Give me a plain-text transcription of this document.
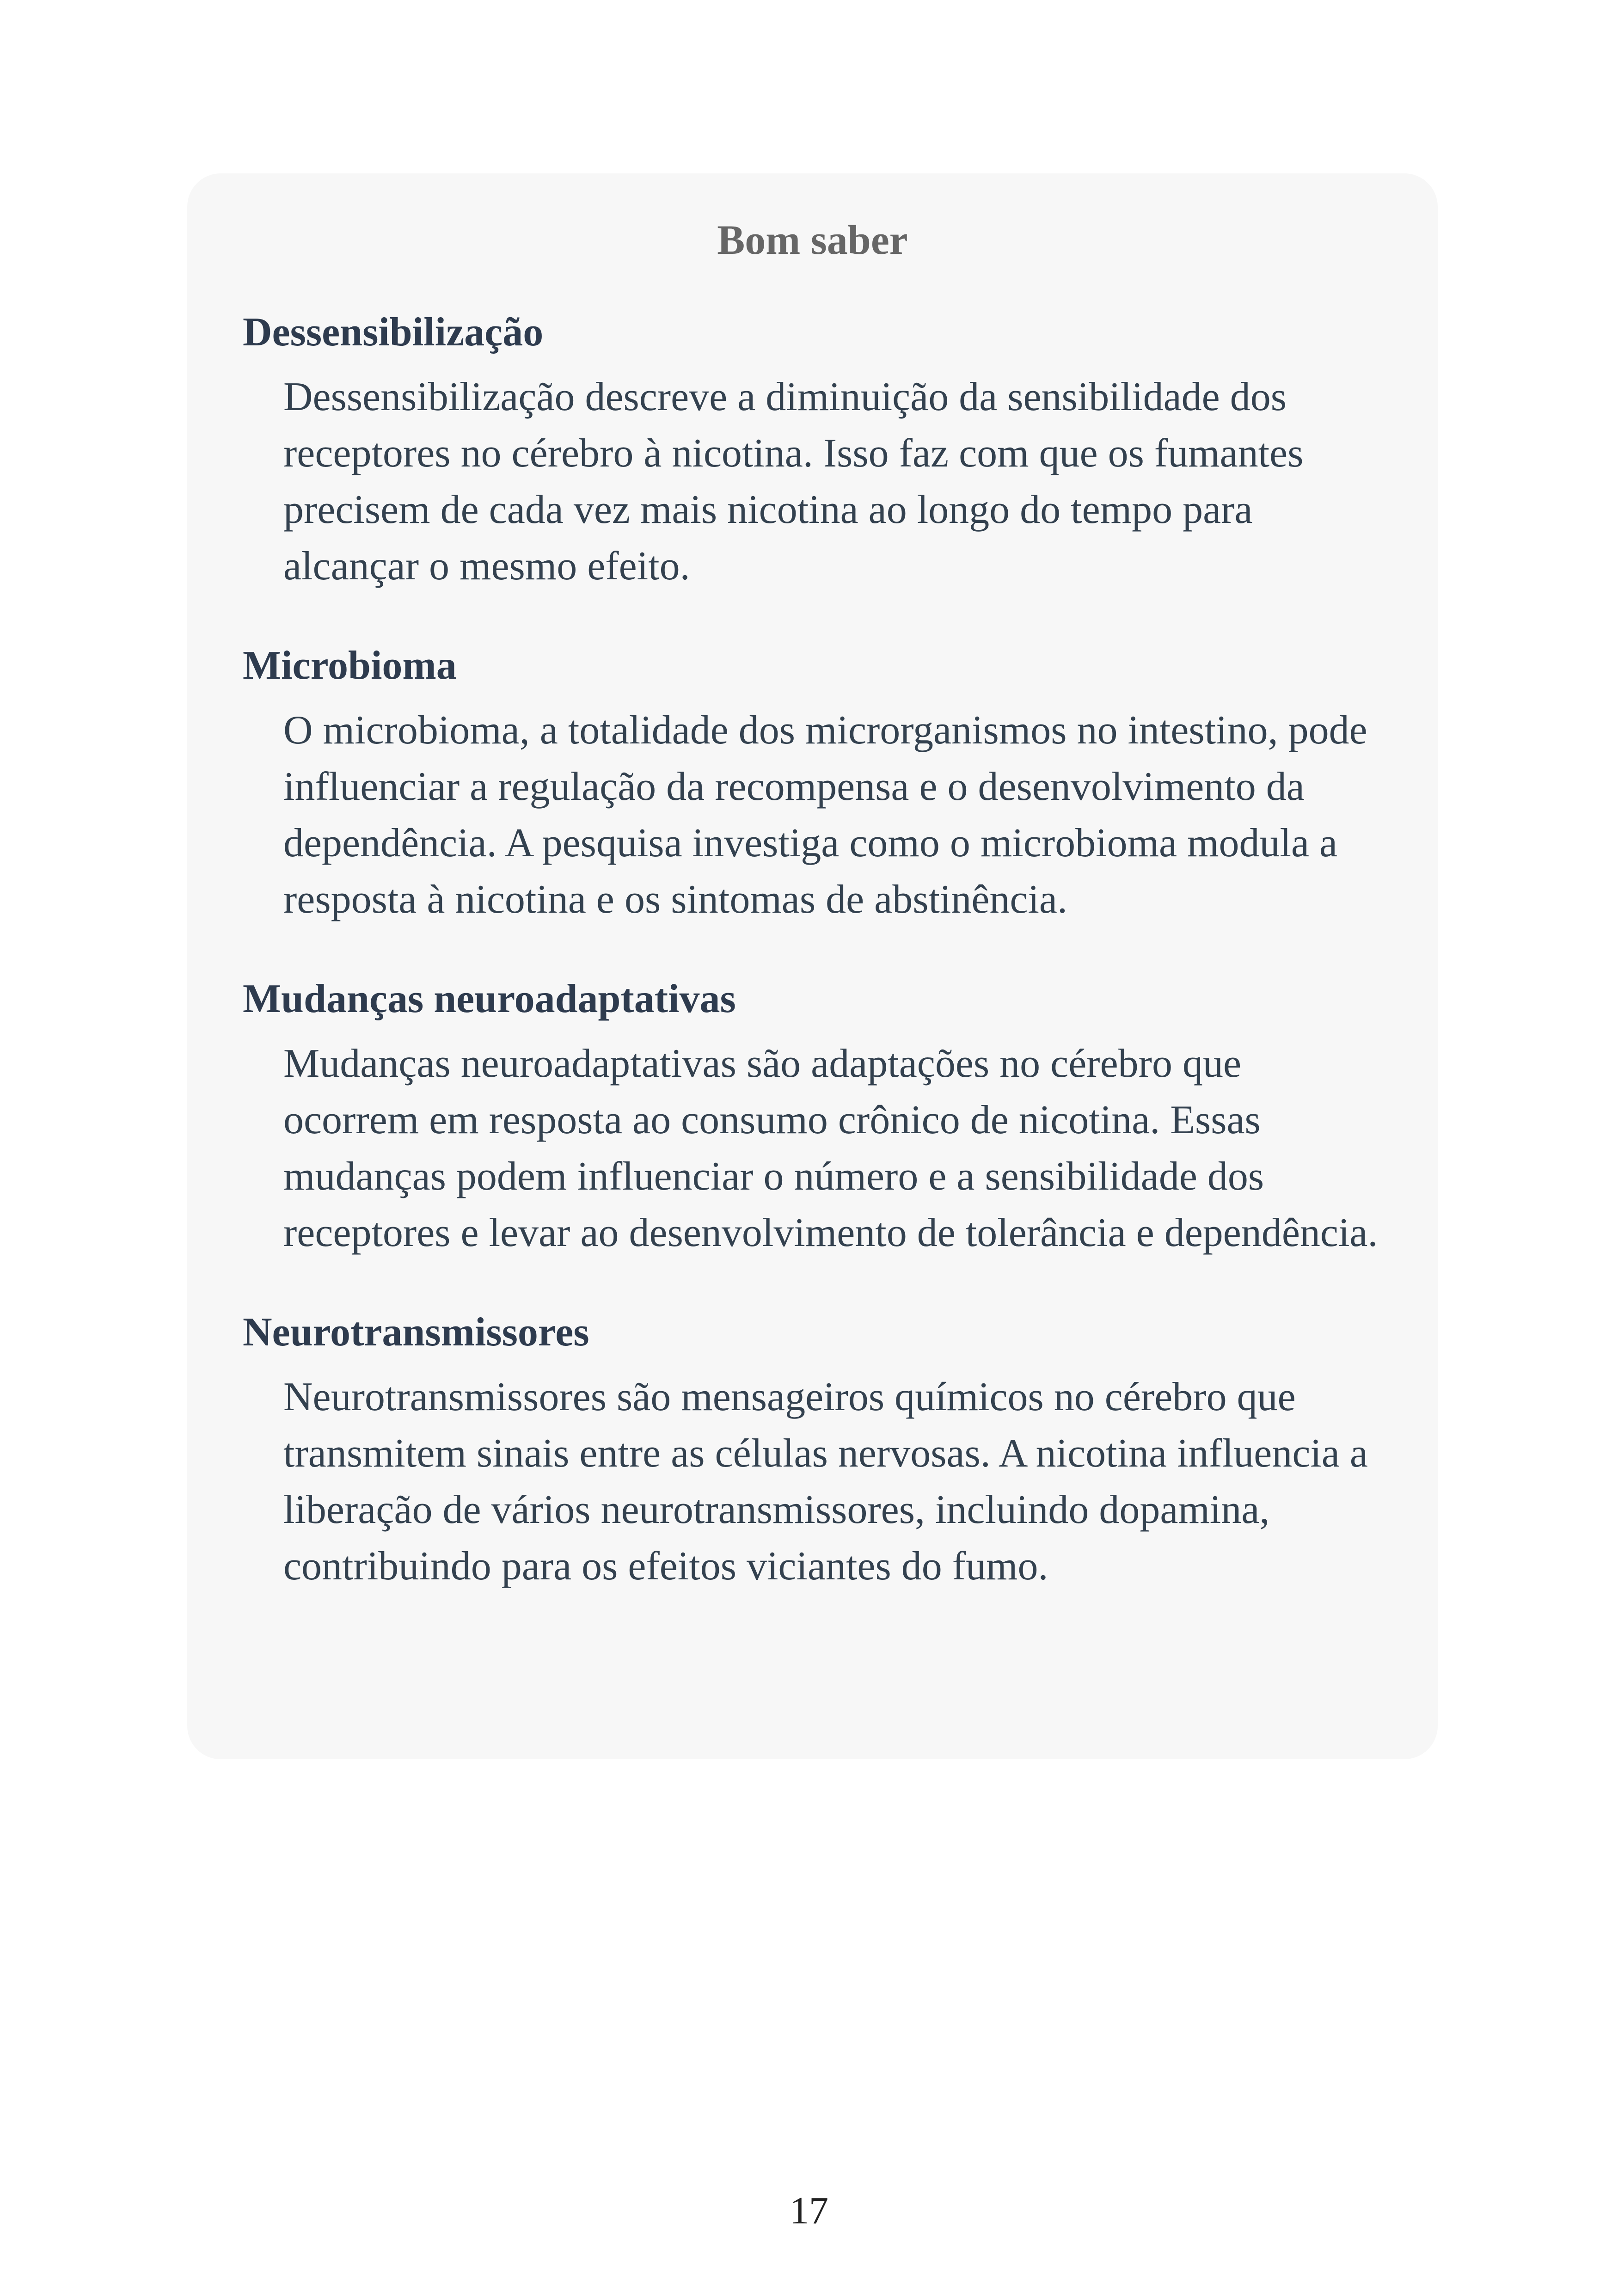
Bom saber
Dessensibilização
Dessensibilização descreve a diminuição da sensibilidade dos receptores no cérebro à nicotina. Isso faz com que os fumantes precisem de cada vez mais nicotina ao longo do tempo para alcançar o mesmo efeito.
Microbioma
O microbioma, a totalidade dos microrganismos no intestino, pode influenciar a regulação da recompensa e o desenvolvimento da dependência. A pesquisa investiga como o microbioma modula a resposta à nicotina e os sintomas de abstinência.
Mudanças neuroadaptativas
Mudanças neuroadaptativas são adaptações no cérebro que ocorrem em resposta ao consumo crônico de nicotina. Essas mudanças podem influenciar o número e a sensibilidade dos receptores e levar ao desenvolvimento de tolerância e dependência.
Neurotransmissores
Neurotransmissores são mensageiros químicos no cérebro que transmitem sinais entre as células nervosas. A nicotina influencia a liberação de vários neurotransmissores, incluindo dopamina, contribuindo para os efeitos viciantes do fumo.
17
